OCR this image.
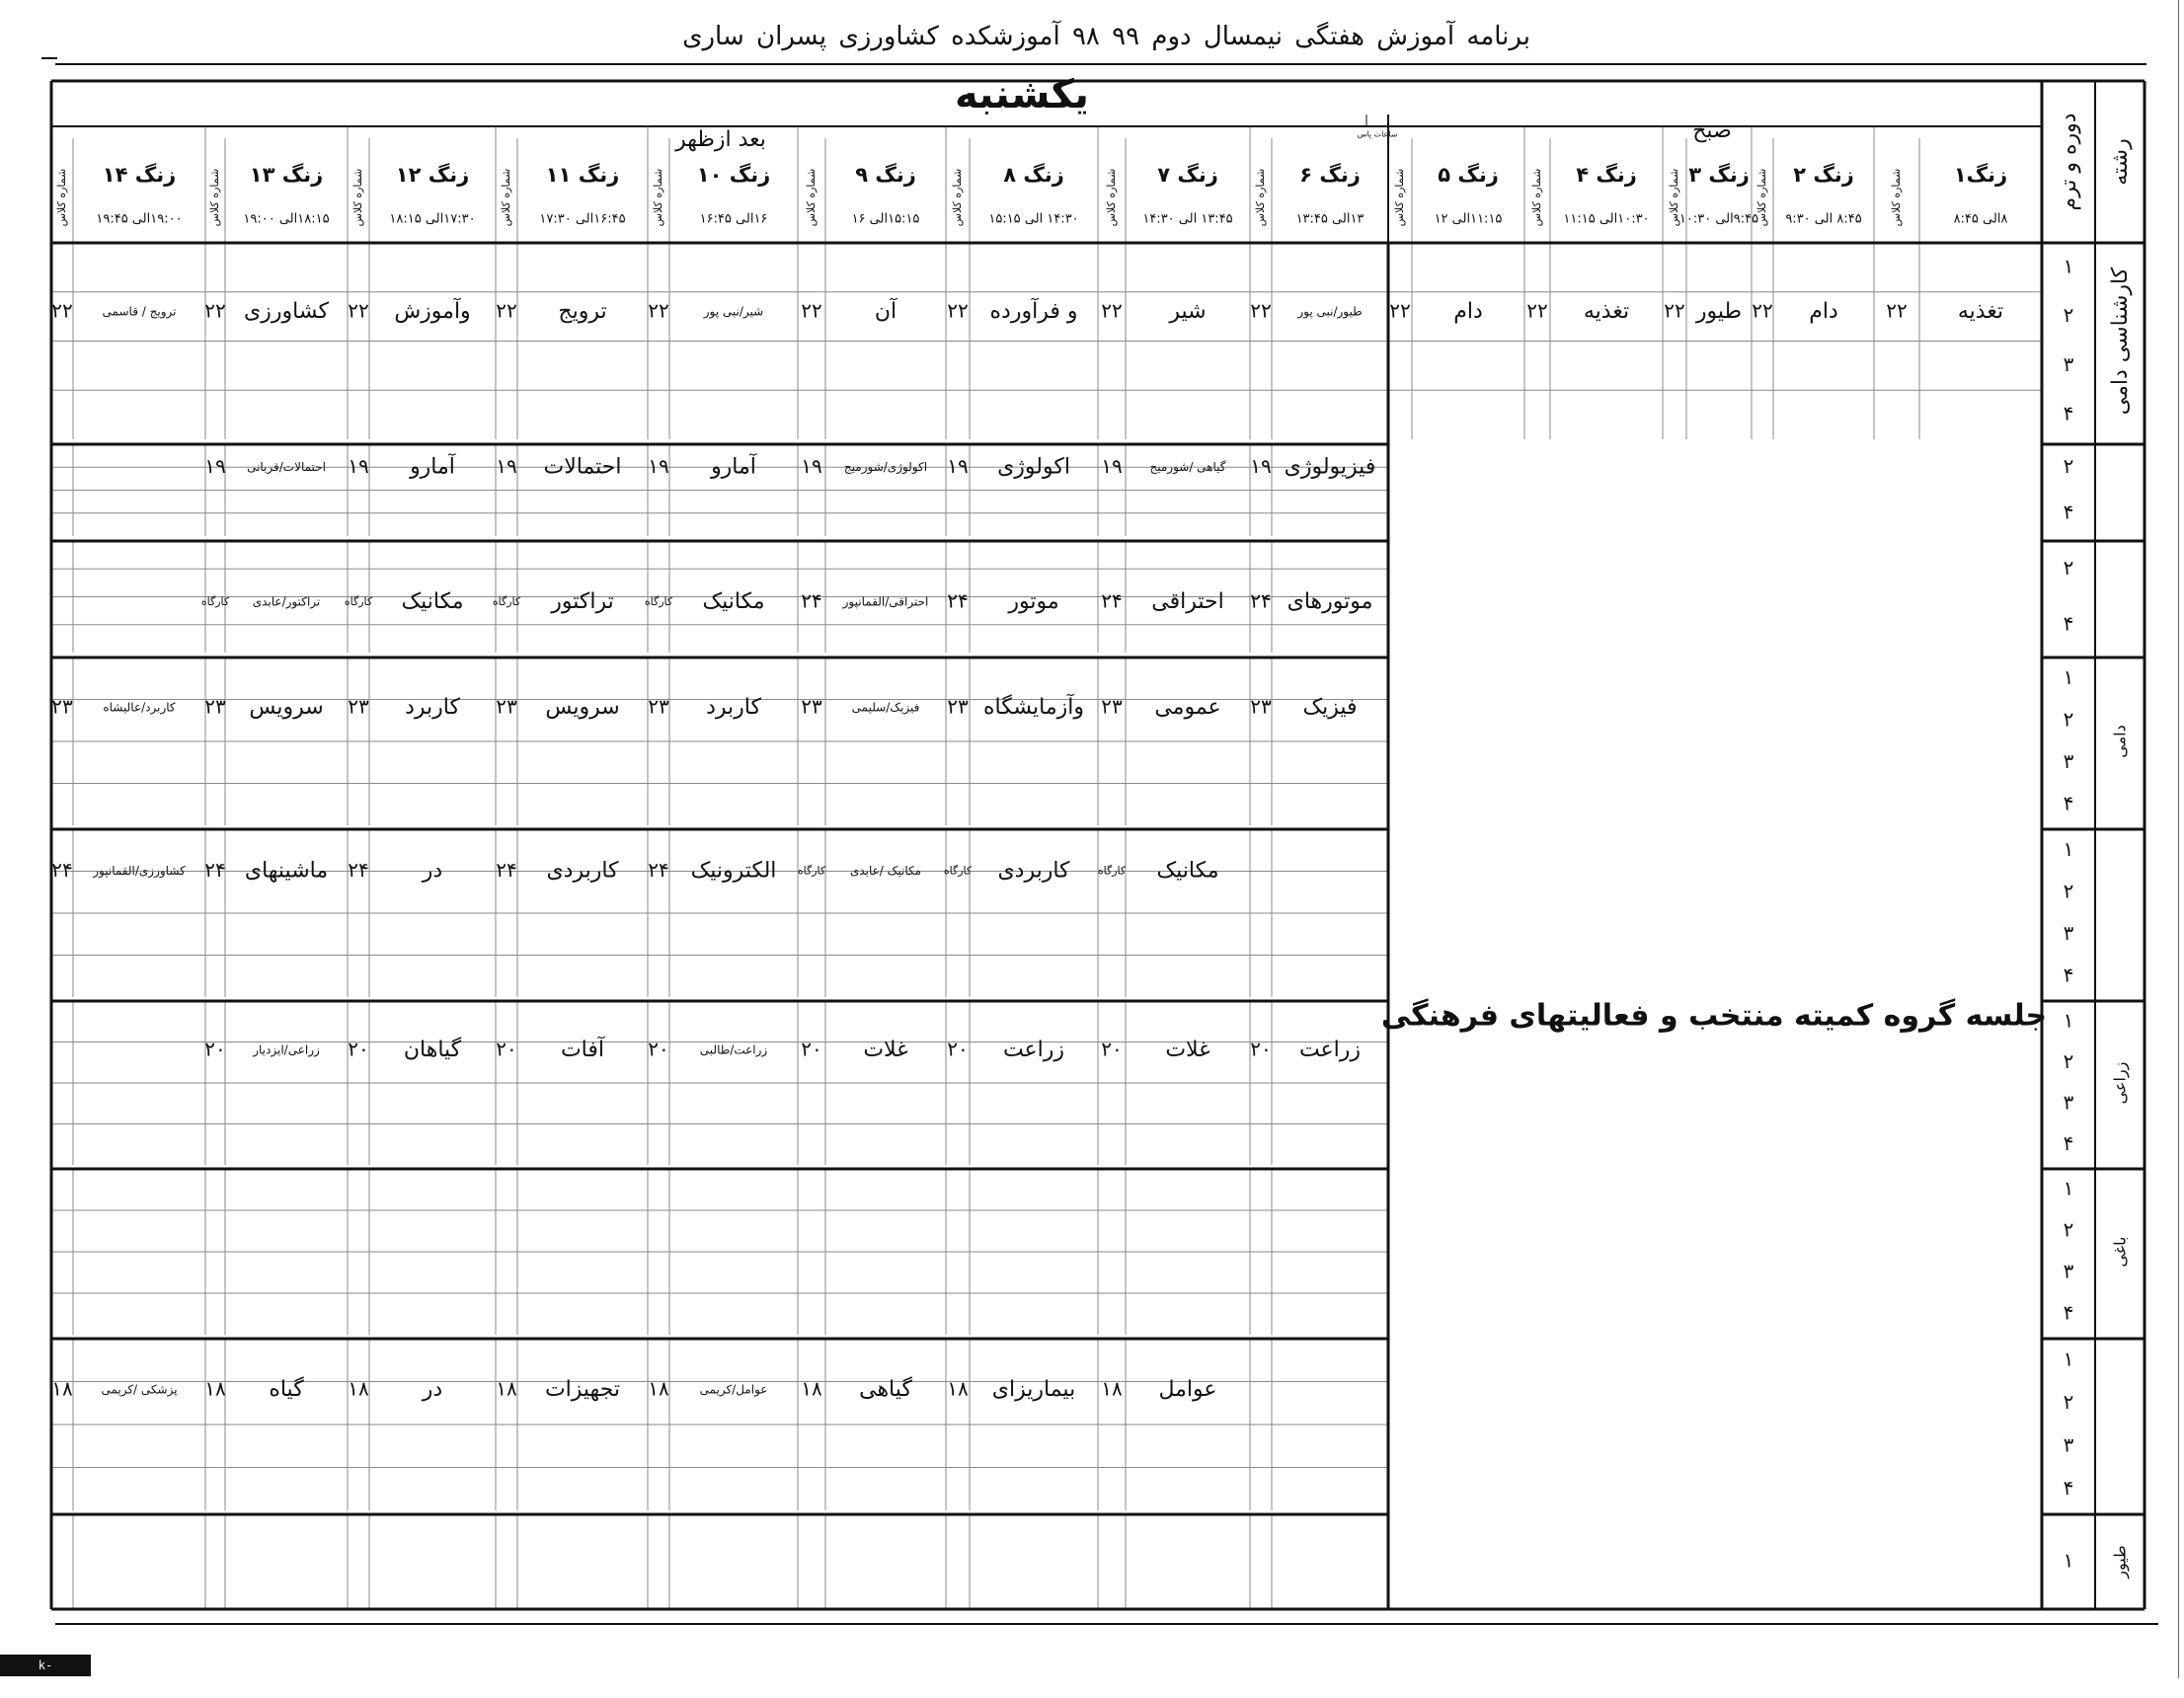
برنامه آموزش هفتگی نیمسال دوم ۹۹ ۹۸ آموزشکده کشاورزی پسران ساری
k-sari.nus.ac.ir
یکشنبه
صبح
بعد ازظهر	ساعات پاس
رشته
دوره و ترم
زنگ۱
۸الی ۸:۴۵
شماره کلاس
زنگ ۲
۸:۴۵ الی ۹:۳۰
شماره کلاس
زنگ ۳
۹:۴۵الی ۱۰:۳۰
شماره کلاس
زنگ ۴
۱۰:۳۰الی ۱۱:۱۵
شماره کلاس
زنگ ۵
۱۱:۱۵الی ۱۲
شماره کلاس
زنگ ۶
۱۳الی ۱۳:۴۵
شماره کلاس
زنگ ۷
۱۳:۴۵ الی ۱۴:۳۰
شماره کلاس
زنگ ۸
۱۴:۳۰ الی ۱۵:۱۵
شماره کلاس
زنگ ۹
۱۵:۱۵الی ۱۶
شماره کلاس
زنگ ۱۰
۱۶الی ۱۶:۴۵
شماره کلاس
زنگ ۱۱
۱۶:۴۵الی ۱۷:۳۰
شماره کلاس
زنگ ۱۲
۱۷:۳۰الی ۱۸:۱۵
شماره کلاس
زنگ ۱۳
۱۸:۱۵الی ۱۹:۰۰
شماره کلاس
زنگ ۱۴
۱۹:۰۰الی ۱۹:۴۵
شماره کلاس
کارشناسی دامی
۱
۲
۳
۴
۲
۴
۲
۴
دامی
۱
۲
۳
۴
۱
۲
۳
۴
زراعی
۱
۲
۳
۴
باغی
۱
۲
۳
۴
۱
۲
۳
۴
طیور
۱
جلسه گروه کمیته منتخب و فعالیتهای فرهنگی
تغذیه
۲۲
دام
۲۲
طیور
۲۲
تغذیه
۲۲
دام
۲۲
طیور/نبی پور
۲۲
شیر
۲۲
و فرآورده
۲۲
آن
۲۲
شیر/نبی پور
۲۲
ترویج
۲۲
وآموزش
۲۲
کشاورزی
۲۲
ترویج / قاسمی
۲۲
فیزیولوژی
۱۹
گیاهی /شورمیج
۱۹
اکولوژی
۱۹
اکولوژی/شورمیج
۱۹
آمارو
۱۹
احتمالات
۱۹
آمارو
۱۹
احتمالات/قربانی
۱۹
موتورهای
۲۴
احتراقی
۲۴
موتور
۲۴
احتراقی/القمانپور
۲۴
مکانیک
کارگاه
تراکتور
کارگاه
مکانیک
کارگاه
تراکتور/عابدی
کارگاه
فیزیک
۲۳
عمومی
۲۳
وآزمایشگاه
۲۳
فیزیک/سلیمی
۲۳
کاربرد
۲۳
سرویس
۲۳
کاربرد
۲۳
سرویس
۲۳
کاربرد/عالیشاه
۲۳
مکانیک
کارگاه
کاربردی
کارگاه
مکانیک /عابدی
کارگاه
الکترونیک
۲۴
کاربردی
۲۴
در
۲۴
ماشینهای
۲۴
کشاورزی/القمانپور
۲۴
زراعت
۲۰
غلات
۲۰
زراعت
۲۰
غلات
۲۰
زراعت/طالبی
۲۰
آفات
۲۰
گیاهان
۲۰
زراعی/ایزدیار
۲۰
عوامل
۱۸
بیماریزای
۱۸
گیاهی
۱۸
عوامل/کریمی
۱۸
تجهیزات
۱۸
در
۱۸
گیاه
۱۸
پزشکی /کریمی
۱۸
